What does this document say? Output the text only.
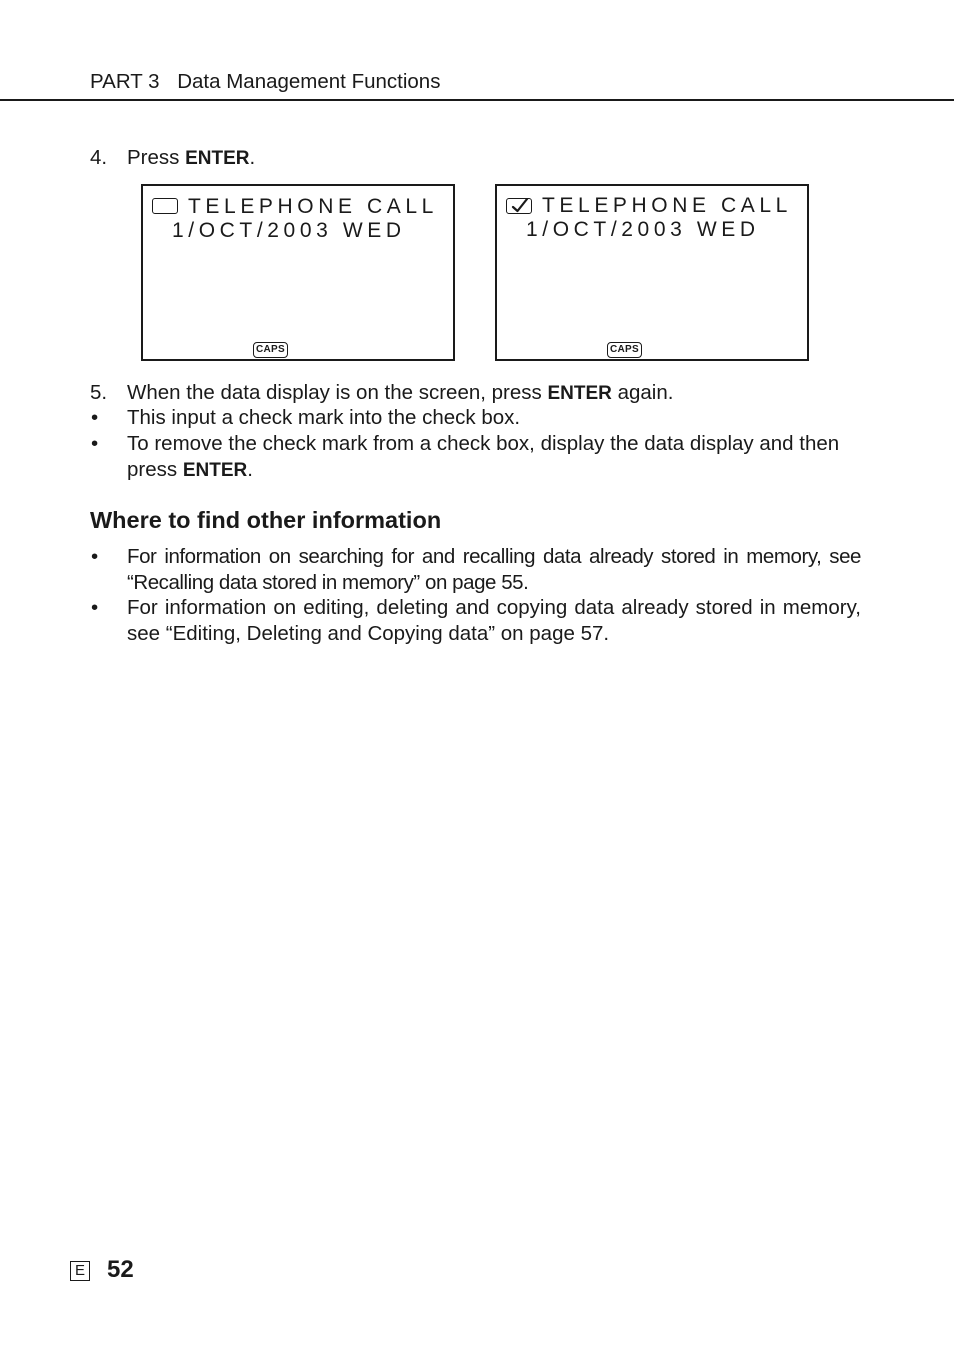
PART 3 Data Management Functions
4. Press ENTER.
TELEPHONE CALL
1/OCT/2003 WED
CAPS
TELEPHONE CALL
1/OCT/2003 WED
CAPS
5. When the data display is on the screen, press ENTER again.
• This input a check mark into the check box.
• To remove the check mark from a check box, display the data display and then press ENTER.
Where to find other information
• For information on searching for and recalling data already stored in memory, see “Recalling data stored in memory” on page 55.
• For information on editing, deleting and copying data already stored in memory, see “Editing, Deleting and Copying data” on page 57.
E 52
